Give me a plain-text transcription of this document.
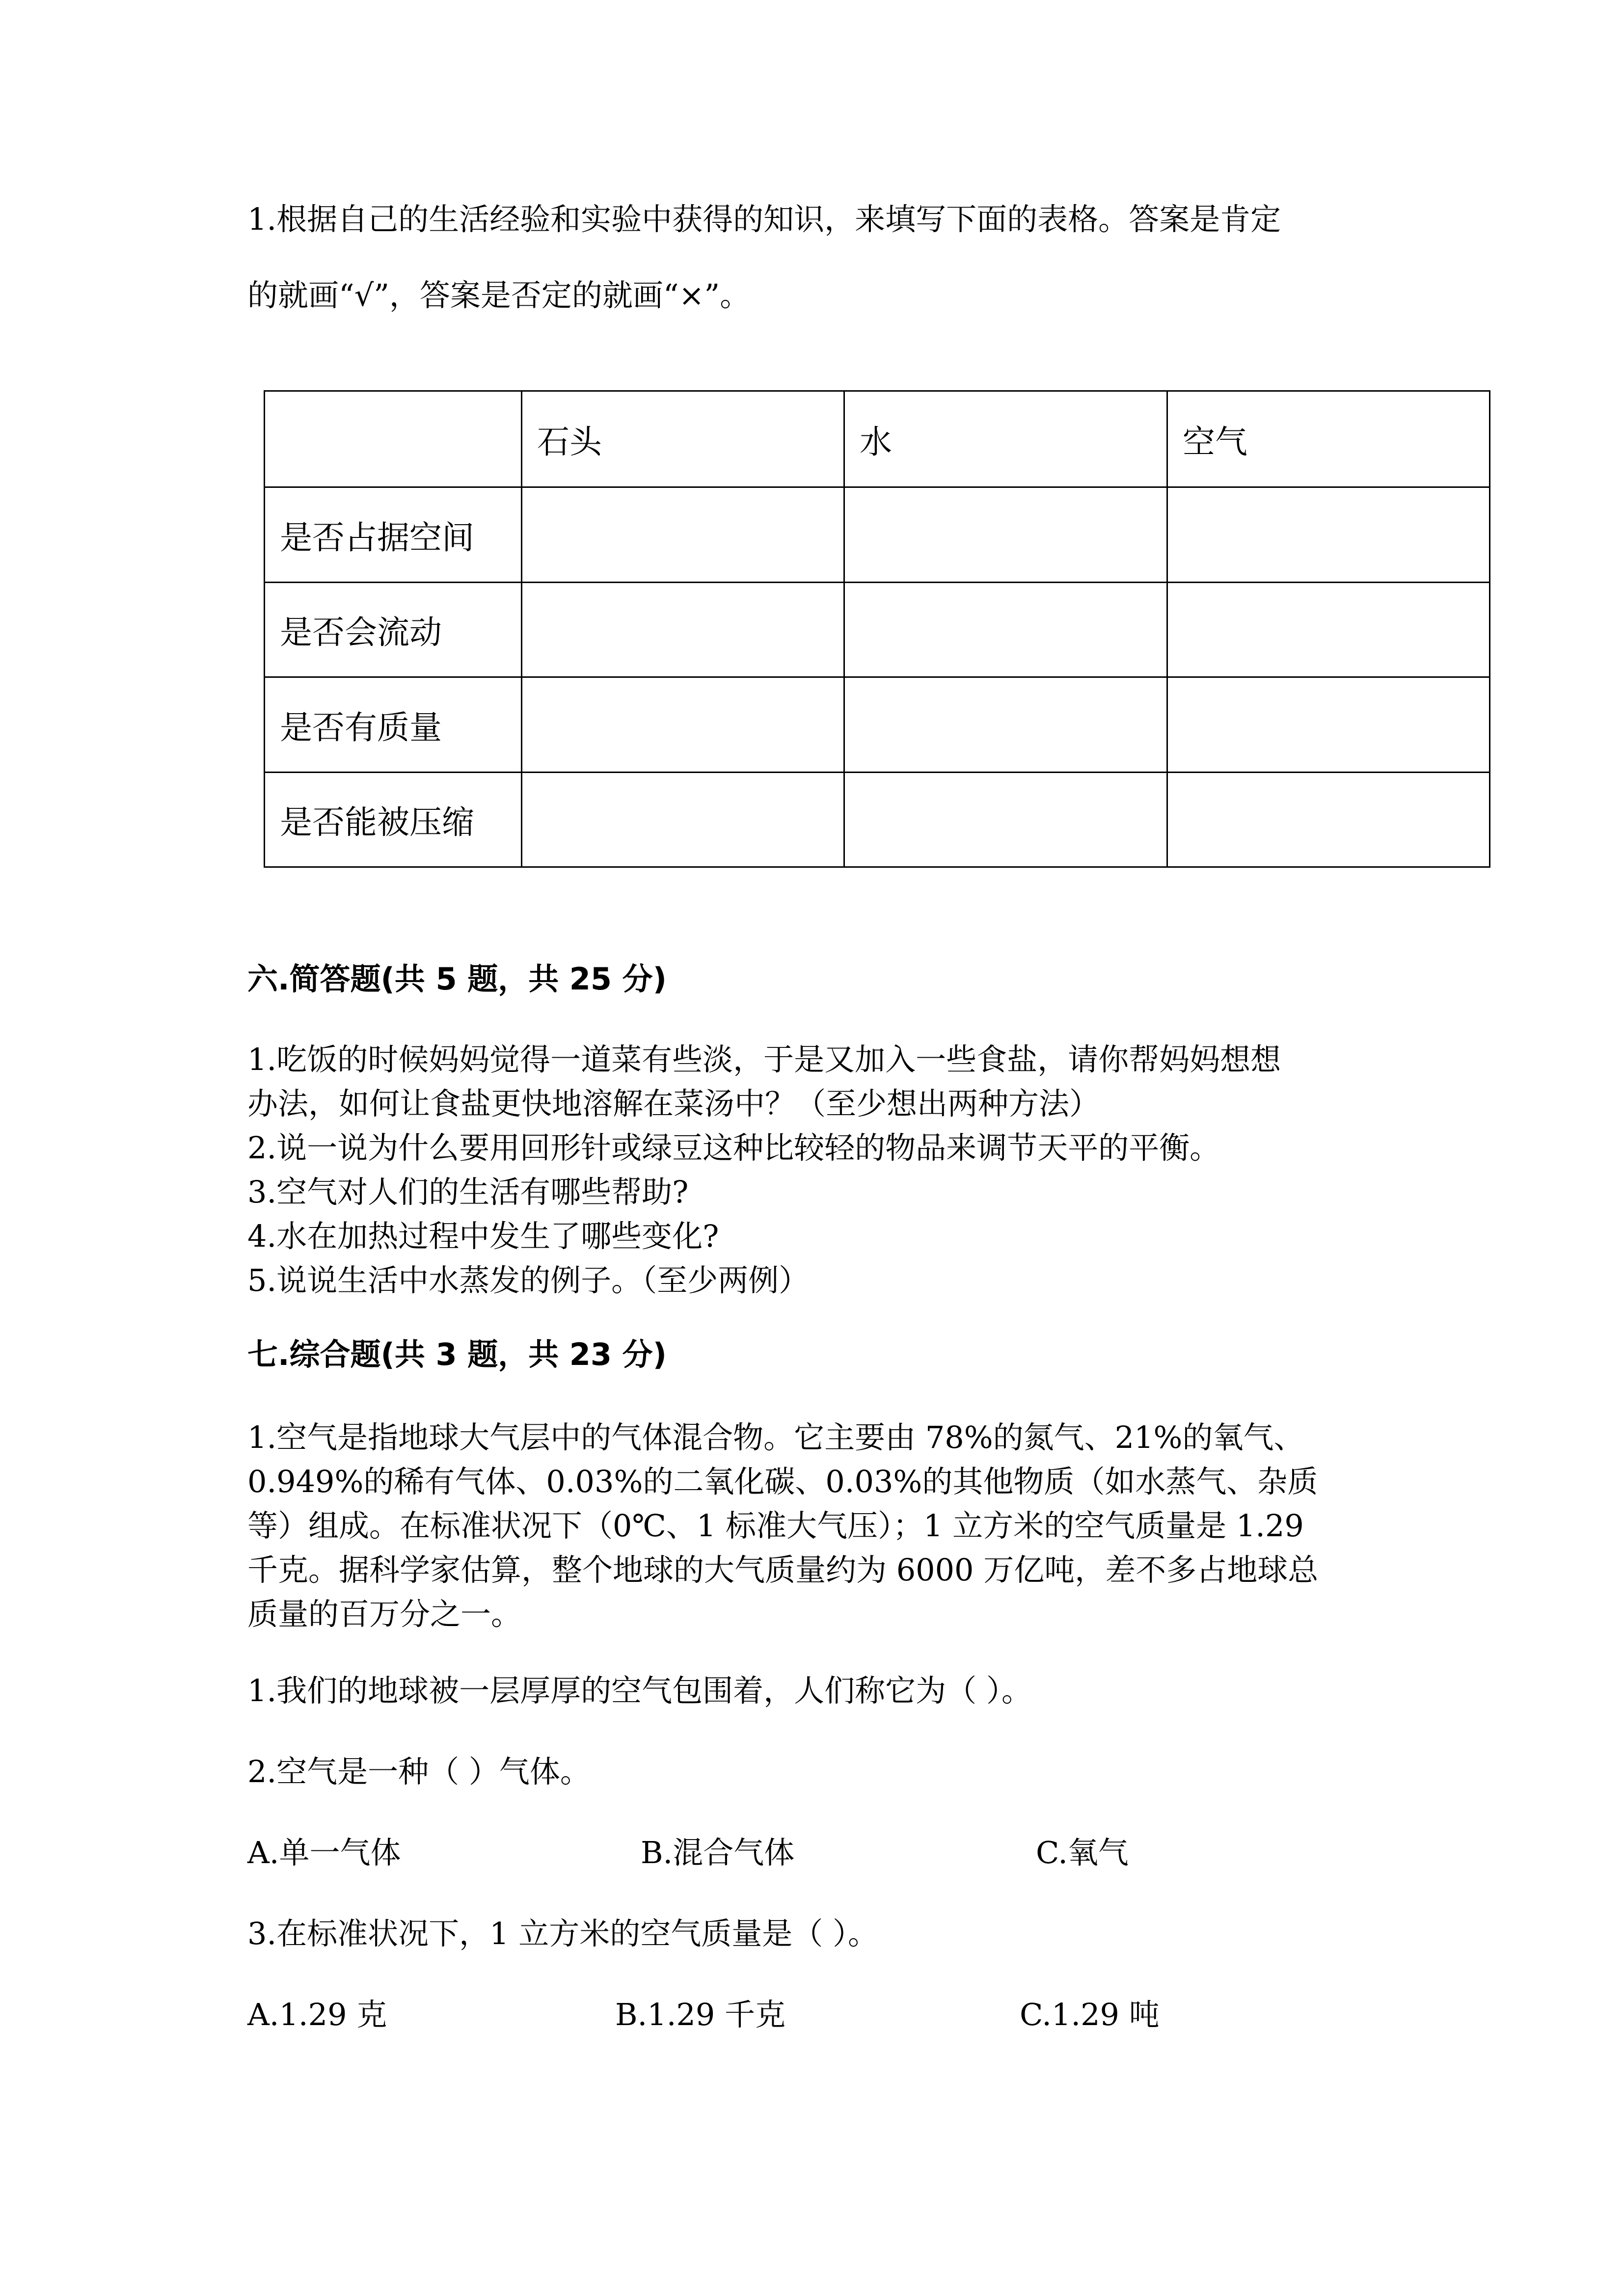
1.根据自己的生活经验和实验中获得的知识，来填写下面的表格。答案是肯定
的就画“√”，答案是否定的就画“×”。
	石头	水	空气
是否占据空间			
是否会流动			
是否有质量			
是否能被压缩			
六.简答题(共 5 题，共 25 分)
1.吃饭的时候妈妈觉得一道菜有些淡，于是又加入一些食盐，请你帮妈妈想想
办法，如何让食盐更快地溶解在菜汤中？（至少想出两种方法）
2.说一说为什么要用回形针或绿豆这种比较轻的物品来调节天平的平衡。
3.空气对人们的生活有哪些帮助?
4.水在加热过程中发生了哪些变化?
5.说说生活中水蒸发的例子。（至少两例）
七.综合题(共 3 题，共 23 分)
1.空气是指地球大气层中的气体混合物。它主要由 78%的氮气、21%的氧气、
0.949%的稀有气体、0.03%的二氧化碳、0.03%的其他物质（如水蒸气、杂质
等）组成。在标准状况下（0℃、1 标准大气压）；1 立方米的空气质量是 1.29
千克。据科学家估算，整个地球的大气质量约为 6000 万亿吨，差不多占地球总
质量的百万分之一。
1.我们的地球被一层厚厚的空气包围着，人们称它为（ ）。
2.空气是一种（ ）气体。
A.单一气体	B.混合气体	C.氧气
3.在标准状况下，1 立方米的空气质量是（ ）。
A.1.29 克	B.1.29 千克	C.1.29 吨
